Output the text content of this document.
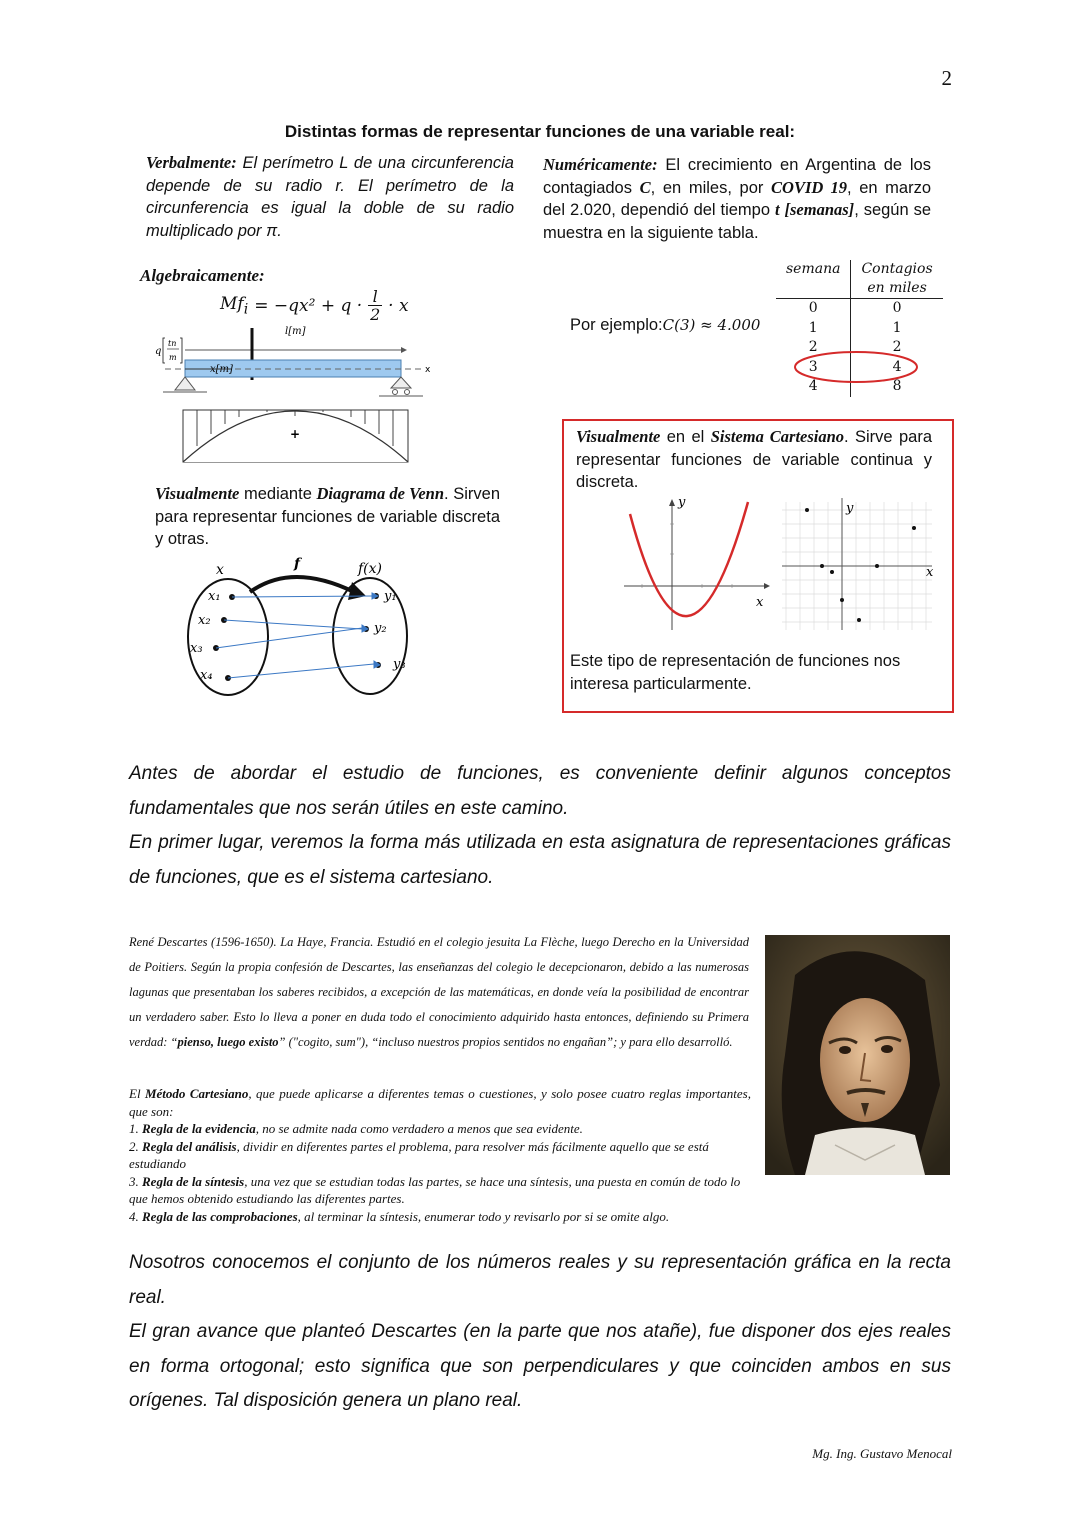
2
Distintas formas de representar funciones de una variable real:
Verbalmente: El perímetro L de una circunferencia depende de su radio r. El perímetro de la circunferencia es igual la doble de su radio multiplicado por π.
Numéricamente: El crecimiento en Argentina de los contagiados C, en miles, por COVID 19, en marzo del 2.020, dependió del tiempo t [semanas], según se muestra en la siguiente tabla.
Por ejemplo:C(3) ≈ 4.000
semana	Contagios
en miles

0	0
1	1
2	2
3	4
4	8
Algebraicamente:
$Mf_i = -qx^2 + q \cdot l$
2 · x
l[m]
q
tn
m
x[m]	x
+
Visualmente mediante Diagrama de Venn. Sirven para representar funciones de variable discreta y otras.
x	f	f(x)
x₁
x₂
x₃
x₄
y₁
y₂
y₃
Visualmente en el Sistema Cartesiano. Sirve para representar funciones de variable continua y discreta.
y
x
y
x
Este tipo de representación de funciones nos interesa particularmente.
Antes de abordar el estudio de funciones, es conveniente definir algunos conceptos fundamentales que nos serán útiles en este camino.
En primer lugar, veremos la forma más utilizada en esta asignatura de representaciones gráficas de funciones, que es el sistema cartesiano.
René Descartes (1596-1650). La Haye, Francia. Estudió en el colegio jesuita La Flèche, luego Derecho en la Universidad de Poitiers. Según la propia confesión de Descartes, las enseñanzas del colegio le decepcionaron, debido a las numerosas lagunas que presentaban los saberes recibidos, a excepción de las matemáticas, en donde veía la posibilidad de encontrar un verdadero saber. Esto lo lleva a poner en duda todo el conocimiento adquirido hasta entonces, definiendo su Primera verdad: “pienso, luego existo” ("cogito, sum"), “incluso nuestros propios sentidos no engañan”; y para ello desarrolló.
El Método Cartesiano, que puede aplicarse a diferentes temas o cuestiones, y solo posee cuatro reglas importantes, que son:
1. Regla de la evidencia, no se admite nada como verdadero a menos que sea evidente.
2. Regla del análisis, dividir en diferentes partes el problema, para resolver más fácilmente aquello que se está estudiando
3. Regla de la síntesis, una vez que se estudian todas las partes, se hace una síntesis, una puesta en común de todo lo que hemos obtenido estudiando las diferentes partes.
4. Regla de las comprobaciones, al terminar la síntesis, enumerar todo y revisarlo por si se omite algo.
Nosotros conocemos el conjunto de los números reales y su representación gráfica en la recta real.
El gran avance que planteó Descartes (en la parte que nos atañe), fue disponer dos ejes reales en forma ortogonal; esto significa que son perpendiculares y que coinciden ambos en sus orígenes. Tal disposición genera un plano real.
Mg. Ing. Gustavo Menocal
